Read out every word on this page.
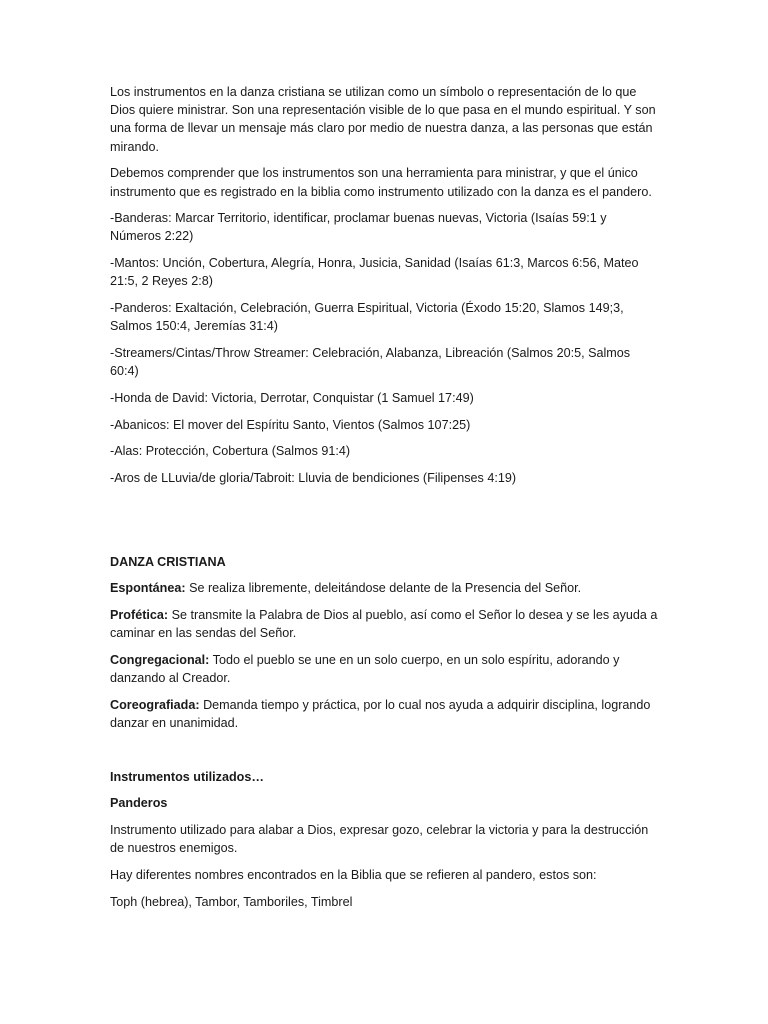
Los instrumentos en la danza cristiana se utilizan como un símbolo o representación de lo que Dios quiere ministrar. Son una representación visible de lo que pasa en el mundo espiritual. Y son una forma de llevar un mensaje más claro por medio de nuestra danza, a las personas que están mirando.

Debemos comprender que los instrumentos son una herramienta para ministrar, y que el único instrumento que es registrado en la biblia como instrumento utilizado con la danza es el pandero.

-Banderas: Marcar Territorio, identificar, proclamar buenas nuevas, Victoria (Isaías 59:1 y Números 2:22)

-Mantos: Unción, Cobertura, Alegría, Honra, Jusicia, Sanidad (Isaías 61:3, Marcos 6:56, Mateo 21:5, 2 Reyes 2:8)

-Panderos: Exaltación, Celebración, Guerra Espiritual, Victoria (Éxodo 15:20, Slamos 149;3, Salmos 150:4, Jeremías 31:4)

-Streamers/Cintas/Throw Streamer: Celebración, Alabanza, Libreación (Salmos 20:5, Salmos 60:4)

-Honda de David: Victoria, Derrotar, Conquistar (1 Samuel 17:49)

-Abanicos: El mover del Espíritu Santo, Vientos (Salmos 107:25)

-Alas: Protección, Cobertura (Salmos 91:4)

-Aros de LLuvia/de gloria/Tabroit: Lluvia de bendiciones (Filipenses 4:19)

DANZA CRISTIANA

Espontánea: Se realiza libremente, deleitándose delante de la Presencia del Señor.

Profética: Se transmite la Palabra de Dios al pueblo, así como el Señor lo desea y se les ayuda a caminar en las sendas del Señor.

Congregacional: Todo el pueblo se une en un solo cuerpo, en un solo espíritu, adorando y danzando al Creador.

Coreografiada: Demanda tiempo y práctica, por lo cual nos ayuda a adquirir disciplina, logrando danzar en unanimidad.

Instrumentos utilizados…

Panderos

Instrumento utilizado para alabar a Dios, expresar gozo, celebrar la victoria y para la destrucción de nuestros enemigos.

Hay diferentes nombres encontrados en la Biblia que se refieren al pandero, estos son:

Toph (hebrea), Tambor, Tamboriles, Timbrel
